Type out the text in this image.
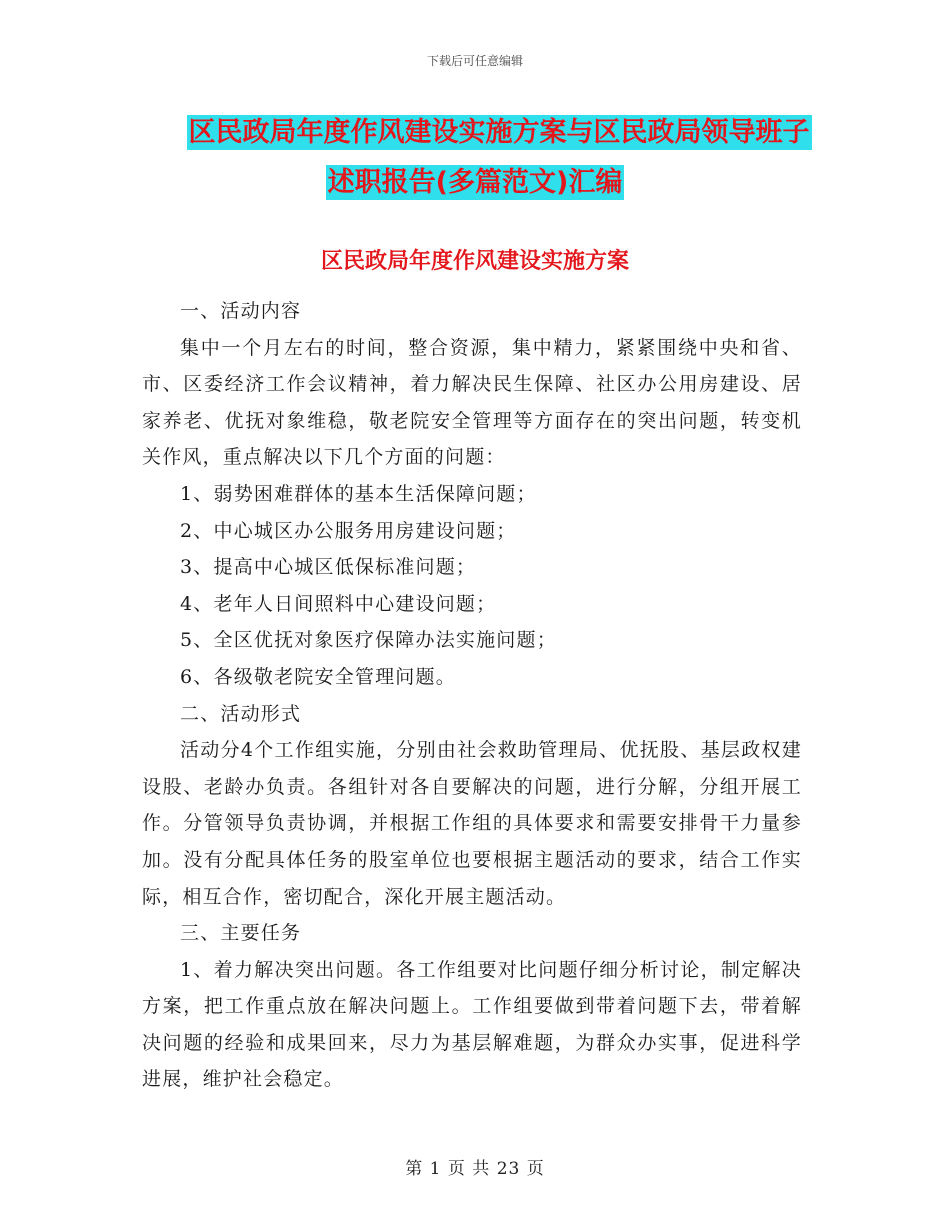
下载后可任意编辑
区民政局年度作风建设实施方案与区民政局领导班子
述职报告(多篇范文)汇编
区民政局年度作风建设实施方案

一、活动内容

集中一个月左右的时间，整合资源，集中精力，紧紧围绕中央和省、市、区委经济工作会议精神，着力解决民生保障、社区办公用房建设、居家养老、优抚对象维稳，敬老院安全管理等方面存在的突出问题，转变机关作风，重点解决以下几个方面的问题：

1、弱势困难群体的基本生活保障问题；

2、中心城区办公服务用房建设问题；

3、提高中心城区低保标准问题；

4、老年人日间照料中心建设问题；

5、全区优抚对象医疗保障办法实施问题；

6、各级敬老院安全管理问题。

二、活动形式

活动分4个工作组实施，分别由社会救助管理局、优抚股、基层政权建设股、老龄办负责。各组针对各自要解决的问题，进行分解，分组开展工作。分管领导负责协调，并根据工作组的具体要求和需要安排骨干力量参加。没有分配具体任务的股室单位也要根据主题活动的要求，结合工作实际，相互合作，密切配合，深化开展主题活动。

三、主要任务

1、着力解决突出问题。各工作组要对比问题仔细分析讨论，制定解决方案，把工作重点放在解决问题上。工作组要做到带着问题下去，带着解决问题的经验和成果回来，尽力为基层解难题，为群众办实事，促进科学进展，维护社会稳定。

第 1 页 共 23 页
